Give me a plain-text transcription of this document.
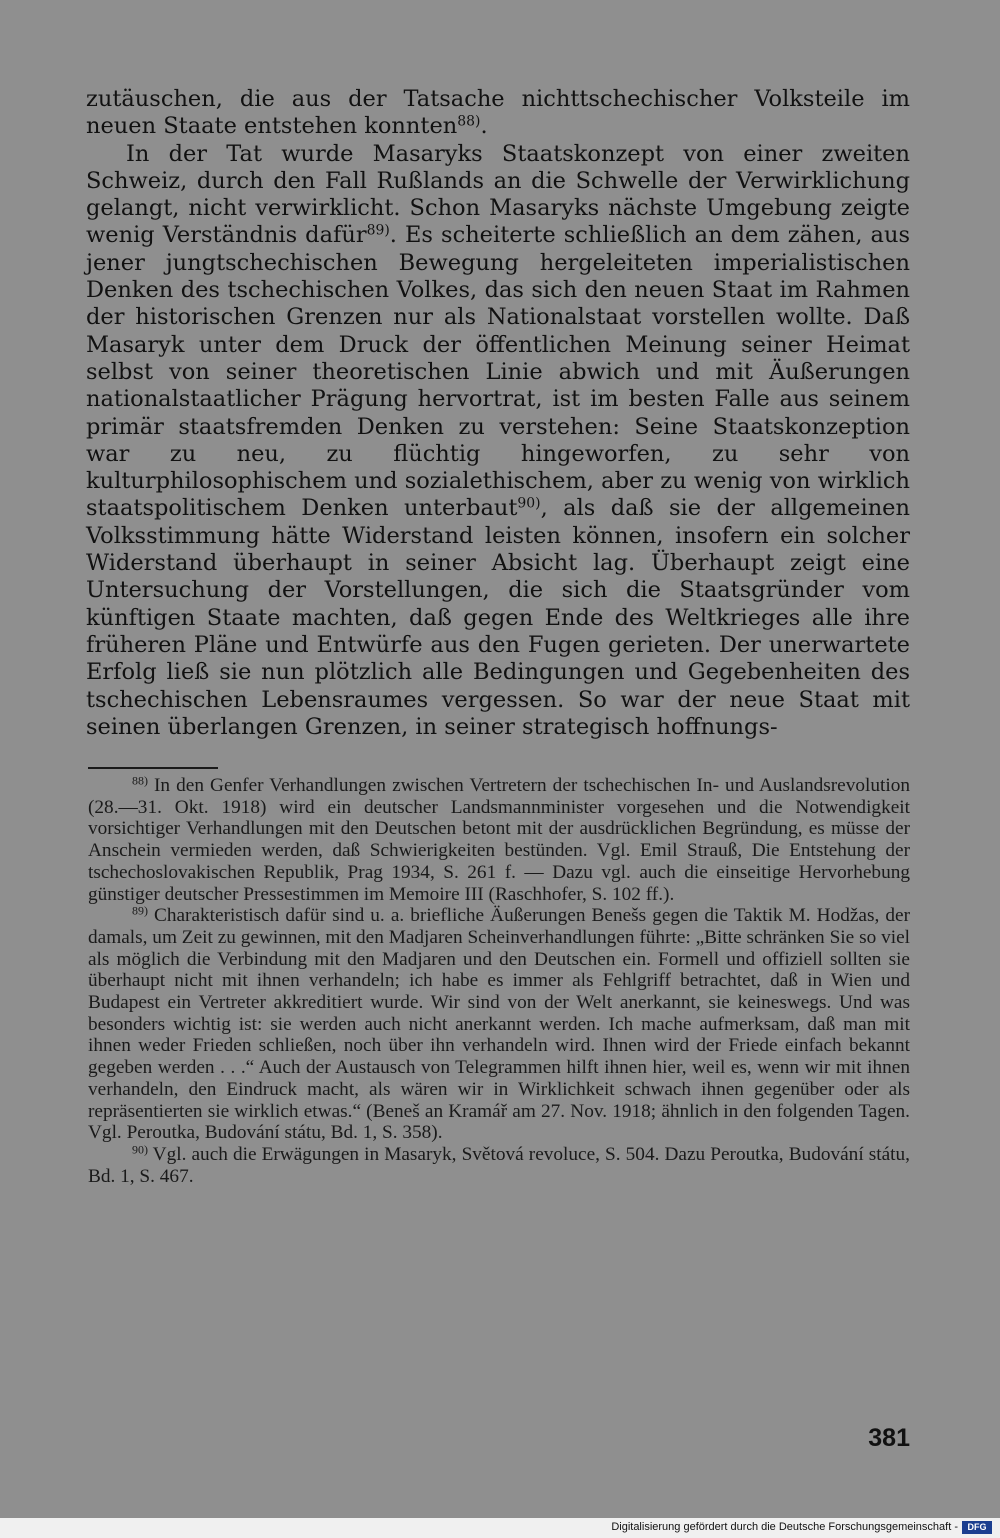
zutäuschen, die aus der Tatsache nichttschechischer Volksteile im neuen Staate entstehen konnten$^{88)}$.

In der Tat wurde Masaryks Staatskonzept von einer zweiten Schweiz, durch den Fall Rußlands an die Schwelle der Verwirklichung gelangt, nicht verwirklicht. Schon Masaryks nächste Umgebung zeigte wenig Verständnis dafür$^{89)}$. Es scheiterte schließlich an dem zähen, aus jener jungtschechischen Bewegung hergeleiteten imperialistischen Denken des tschechischen Volkes, das sich den neuen Staat im Rahmen der historischen Grenzen nur als Nationalstaat vorstellen wollte. Daß Masaryk unter dem Druck der öffentlichen Meinung seiner Heimat selbst von seiner theoretischen Linie abwich und mit Äußerungen nationalstaatlicher Prägung hervortrat, ist im besten Falle aus seinem primär staatsfremden Denken zu verstehen: Seine Staatskonzeption war zu neu, zu flüchtig hingeworfen, zu sehr von kulturphilosophischem und sozialethischem, aber zu wenig von wirklich staatspolitischem Denken unterbaut$^{90)}$, als daß sie der allgemeinen Volksstimmung hätte Widerstand leisten können, insofern ein solcher Widerstand überhaupt in seiner Absicht lag. Überhaupt zeigt eine Untersuchung der Vorstellungen, die sich die Staatsgründer vom künftigen Staate machten, daß gegen Ende des Weltkrieges alle ihre früheren Pläne und Entwürfe aus den Fugen gerieten. Der unerwartete Erfolg ließ sie nun plötzlich alle Bedingungen und Gegebenheiten des tschechischen Lebensraumes vergessen. So war der neue Staat mit seinen überlangen Grenzen, in seiner strategisch hoffnungs-

$^{88)}$ In den Genfer Verhandlungen zwischen Vertretern der tschechischen In- und Auslandsrevolution (28.—31. Okt. 1918) wird ein deutscher Landsmannminister vorgesehen und die Notwendigkeit vorsichtiger Verhandlungen mit den Deutschen betont mit der ausdrücklichen Begründung, es müsse der Anschein vermieden werden, daß Schwierigkeiten bestünden. Vgl. Emil Strauß, Die Entstehung der tschechoslovakischen Republik, Prag 1934, S. 261 f. — Dazu vgl. auch die einseitige Hervorhebung günstiger deutscher Pressestimmen im Memoire III (Raschhofer, S. 102 ff.).

$^{89)}$ Charakteristisch dafür sind u. a. briefliche Äußerungen Benešs gegen die Taktik M. Hodžas, der damals, um Zeit zu gewinnen, mit den Madjaren Scheinverhandlungen führte: „Bitte schränken Sie so viel als möglich die Verbindung mit den Madjaren und den Deutschen ein. Formell und offiziell sollten sie überhaupt nicht mit ihnen verhandeln; ich habe es immer als Fehlgriff betrachtet, daß in Wien und Budapest ein Vertreter akkreditiert wurde. Wir sind von der Welt anerkannt, sie keineswegs. Und was besonders wichtig ist: sie werden auch nicht anerkannt werden. Ich mache aufmerksam, daß man mit ihnen weder Frieden schließen, noch über ihn verhandeln wird. Ihnen wird der Friede einfach bekannt gegeben werden . . .“ Auch der Austausch von Telegrammen hilft ihnen hier, weil es, wenn wir mit ihnen verhandeln, den Eindruck macht, als wären wir in Wirklichkeit schwach ihnen gegenüber oder als repräsentierten sie wirklich etwas.“ (Beneš an Kramář am 27. Nov. 1918; ähnlich in den folgenden Tagen. Vgl. Peroutka, Budování státu, Bd. 1, S. 358).

$^{90)}$ Vgl. auch die Erwägungen in Masaryk, Světová revoluce, S. 504. Dazu Peroutka, Budování státu, Bd. 1, S. 467.

381
Digitalisierung gefördert durch die Deutsche Forschungsgemeinschaft -	DFG
